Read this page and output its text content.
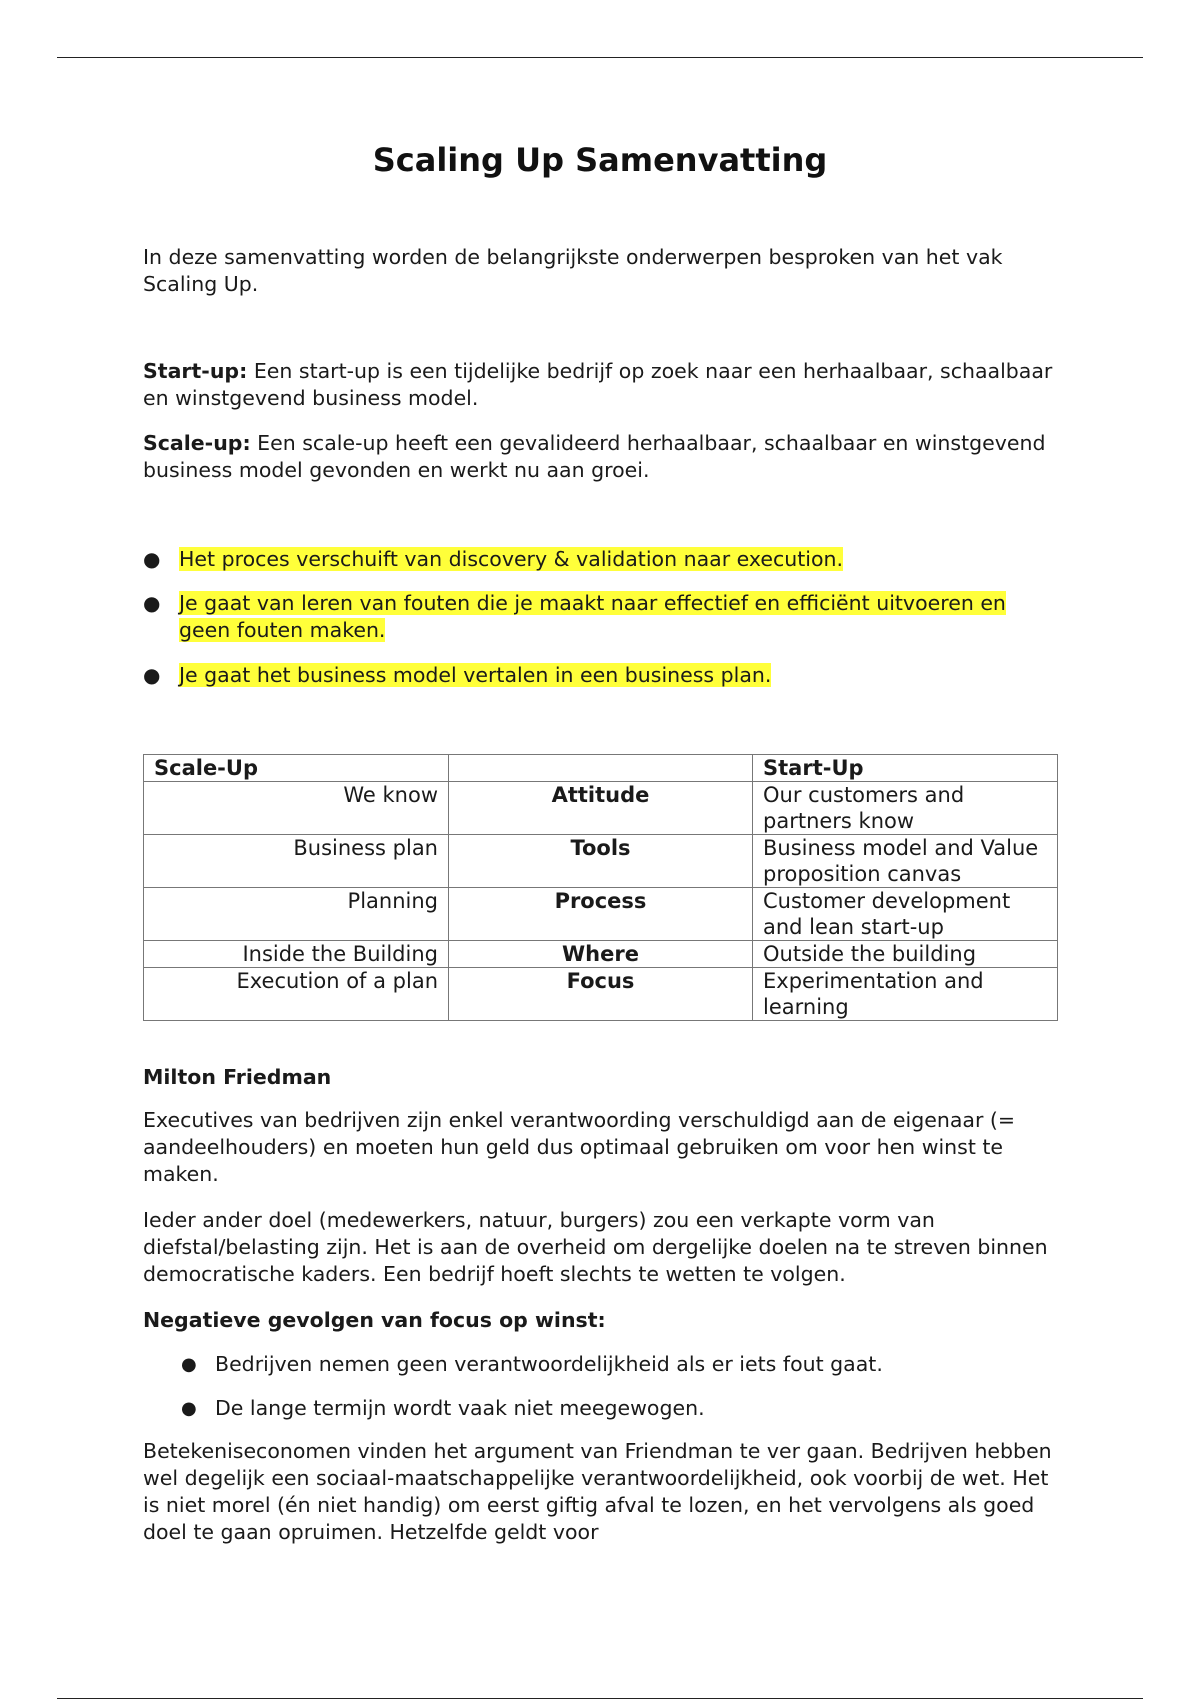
Scaling Up Samenvatting

In deze samenvatting worden de belangrijkste onderwerpen besproken van het vak Scaling Up.

Start-up: Een start-up is een tijdelijke bedrijf op zoek naar een herhaalbaar, schaalbaar en winstgevend business model.

Scale-up: Een scale-up heeft een gevalideerd herhaalbaar, schaalbaar en winstgevend business model gevonden en werkt nu aan groei.

● Het proces verschuift van discovery & validation naar execution.
● Je gaat van leren van fouten die je maakt naar effectief en efficiënt uitvoeren en geen fouten maken.
● Je gaat het business model vertalen in een business plan.
Scale-Up		Start-Up
We know	Attitude	Our customers and partners know
Business plan	Tools	Business model and Value proposition canvas
Planning	Process	Customer development and lean start-up
Inside the Building	Where	Outside the building
Execution of a plan	Focus	Experimentation and learning
Milton Friedman

Executives van bedrijven zijn enkel verantwoording verschuldigd aan de eigenaar (= aandeelhouders) en moeten hun geld dus optimaal gebruiken om voor hen winst te maken.

Ieder ander doel (medewerkers, natuur, burgers) zou een verkapte vorm van diefstal/belasting zijn. Het is aan de overheid om dergelijke doelen na te streven binnen democratische kaders. Een bedrijf hoeft slechts te wetten te volgen.

Negatieve gevolgen van focus op winst:
● Bedrijven nemen geen verantwoordelijkheid als er iets fout gaat.
● De lange termijn wordt vaak niet meegewogen.

Betekeniseconomen vinden het argument van Friendman te ver gaan. Bedrijven hebben wel degelijk een sociaal-maatschappelijke verantwoordelijkheid, ook voorbij de wet. Het is niet morel (én niet handig) om eerst giftig afval te lozen, en het vervolgens als goed doel te gaan opruimen. Hetzelfde geldt voor
